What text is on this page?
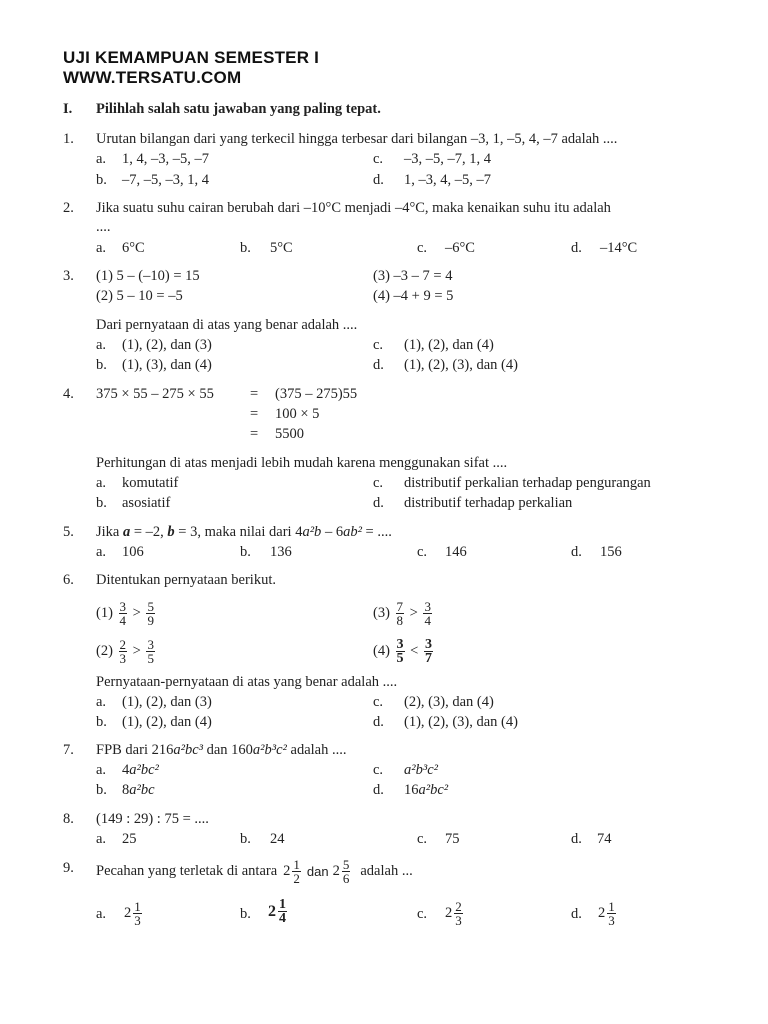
UJI KEMAMPUAN SEMESTER I
WWW.TERSATU.COM
I. Pilihlah salah satu jawaban yang paling tepat.
1. Urutan bilangan dari yang terkecil hingga terbesar dari bilangan –3, 1, –5, 4, –7 adalah ....
a. 1, 4, –3, –5, –7
b. –7, –5, –3, 1, 4
c. –3, –5, –7, 1, 4
d. 1, –3, 4, –5, –7
2. Jika suatu suhu cairan berubah dari –10°C menjadi –4°C, maka kenaikan suhu itu adalah
....
a. 6°C	b. 5°C	c. –6°C	d. –14°C
3. (1) 5 – (–10) = 15
(2) 5 – 10 = –5
(3) –3 – 7 = 4
(4) –4 + 9 = 5
Dari pernyataan di atas yang benar adalah ....
a. (1), (2), dan (3)
b. (1), (3), dan (4)
c. (1), (2), dan (4)
d. (1), (2), (3), dan (4)
4. 375 × 55 – 275 × 55 = (375 – 275)55
= 100 × 5
= 5500
Perhitungan di atas menjadi lebih mudah karena menggunakan sifat ....
a. komutatif
b. asosiatif
c. distributif perkalian terhadap pengurangan
d. distributif terhadap perkalian
5. Jika a = –2, b = 3, maka nilai dari 4a²b – 6ab² = ....
a. 106	b. 136	c. 146	d. 156
6. Ditentukan pernyataan berikut.
$(1) \frac{3}{4} > \frac{5}{9}$
$(2) \frac{2}{3} > \frac{3}{5}$
$(3) \frac{7}{8} > \frac{3}{4}$
$(4) \frac{3}{5} < \frac{3}{7}$
Pernyataan-pernyataan di atas yang benar adalah ....
a. (1), (2), dan (3)
b. (1), (2), dan (4)
c. (2), (3), dan (4)
d. (1), (2), (3), dan (4)
7. FPB dari 216a²bc³ dan 160a²b³c² adalah ....
a. 4a²bc²
b. 8a²bc
c. a²b³c²
d. 16a²bc²
8. (149 : 29) : 75 = ....
a. 25	b. 24	c. 75	d. 74
9. Pecahan yang terletak di antara $2 \frac{1}{2}$ dan $2 \frac{5}{6}$ adalah ...
a. $2 \frac{1}{3}$	b. $2 \frac{1}{4}$	c. $2 \frac{2}{3}$	d. $2 \frac{1}{3}$
